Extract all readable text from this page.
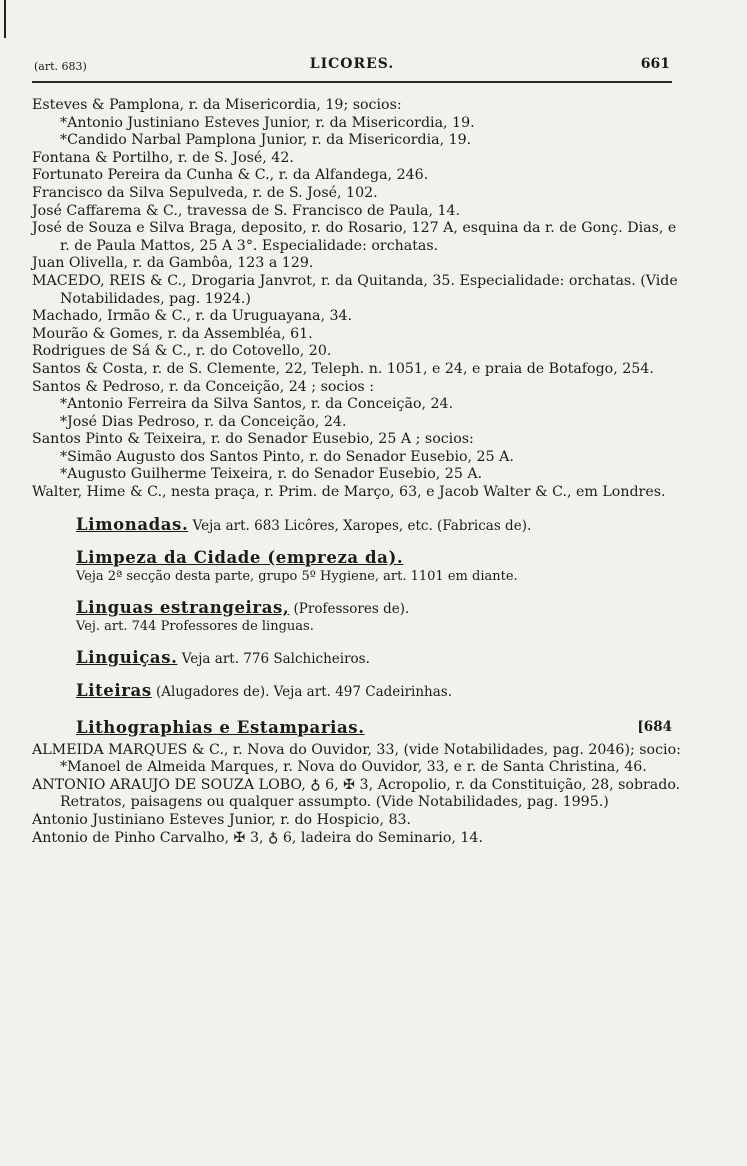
(art. 683)	LICORES.	661

Esteves & Pamplona, r. da Misericordia, 19; socios:

*Antonio Justiniano Esteves Junior, r. da Misericordia, 19.

*Candido Narbal Pamplona Junior, r. da Misericordia, 19.

Fontana & Portilho, r. de S. José, 42.

Fortunato Pereira da Cunha & C., r. da Alfandega, 246.

Francisco da Silva Sepulveda, r. de S. José, 102.

José Caffarema & C., travessa de S. Francisco de Paula, 14.

José de Souza e Silva Braga, deposito, r. do Rosario, 127 A, esquina da r. de Gonç. Dias, e r. de Paula Mattos, 25 A 3°. Especialidade: orchatas.

Juan Olivella, r. da Gambôa, 123 a 129.

MACEDO, REIS & C., Drogaria Janvrot, r. da Quitanda, 35. Especialidade: orchatas. (Vide Notabilidades, pag. 1924.)

Machado, Irmão & C., r. da Uruguayana, 34.

Mourão & Gomes, r. da Assembléa, 61.

Rodrigues de Sá & C., r. do Cotovello, 20.

Santos & Costa, r. de S. Clemente, 22, Teleph. n. 1051, e 24, e praia de Botafogo, 254.

Santos & Pedroso, r. da Conceição, 24 ; socios :

*Antonio Ferreira da Silva Santos, r. da Conceição, 24.

*José Dias Pedroso, r. da Conceição, 24.

Santos Pinto & Teixeira, r. do Senador Eusebio, 25 A ; socios:

*Simão Augusto dos Santos Pinto, r. do Senador Eusebio, 25 A.

*Augusto Guilherme Teixeira, r. do Senador Eusebio, 25 A.

Walter, Hime & C., nesta praça, r. Prim. de Março, 63, e Jacob Walter & C., em Londres.

Limonadas. Veja art. 683 Licôres, Xaropes, etc. (Fabricas de).
Limpeza da Cidade (empreza da).
Veja 2ª secção desta parte, grupo 5º Hygiene, art. 1101 em diante.
Linguas estrangeiras, (Professores de).
Vej. art. 744 Professores de linguas.
Linguiças. Veja art. 776 Salchicheiros.
Liteiras (Alugadores de). Veja art. 497 Cadeirinhas.
Lithographias e Estamparias.	[684

ALMEIDA MARQUES & C., r. Nova do Ouvidor, 33, (vide Notabilidades, pag. 2046); socio:

*Manoel de Almeida Marques, r. Nova do Ouvidor, 33, e r. de Santa Christina, 46.

ANTONIO ARAUJO DE SOUZA LOBO, ♁ 6, ✠ 3, Acropolio, r. da Constituição, 28, sobrado. Retratos, paisagens ou qualquer assumpto. (Vide Notabilidades, pag. 1995.)

Antonio Justiniano Esteves Junior, r. do Hospicio, 83.

Antonio de Pinho Carvalho, ✠ 3, ♁ 6, ladeira do Seminario, 14.
